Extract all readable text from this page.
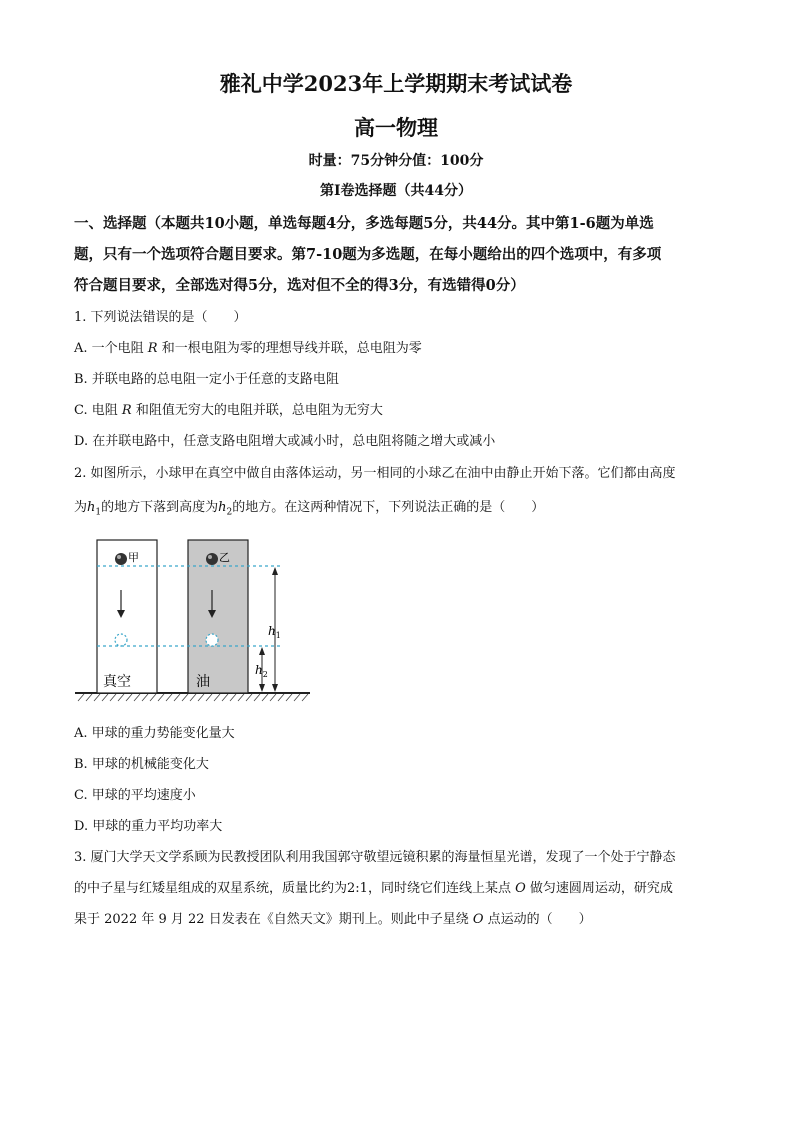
雅礼中学2023年上学期期末考试试卷
高一物理
时量：75分钟分值：100分
第Ⅰ卷选择题（共44分）
一、选择题（本题共10小题，单选每题4分，多选每题5分，共44分。其中第1-6题为单选
题，只有一个选项符合题目要求。第7-10题为多选题，在每小题给出的四个选项中，有多项
符合题目要求，全部选对得5分，选对但不全的得3分，有选错得0分）
1. 下列说法错误的是（　　）
A. 一个电阻 R 和一根电阻为零的理想导线并联，总电阻为零
B. 并联电路的总电阻一定小于任意的支路电阻
C. 电阻 R 和阻值无穷大的电阻并联，总电阻为无穷大
D. 在并联电路中，任意支路电阻增大或减小时，总电阻将随之增大或减小
2. 如图所示，小球甲在真空中做自由落体运动，另一相同的小球乙在油中由静止开始下落。它们都由高度
为$h_1$的地方下落到高度为$h_2$的地方。在这两种情况下，下列说法正确的是（　　）
甲
真空
乙
油
$h_1$
$h_2$
A. 甲球的重力势能变化量大
B. 甲球的机械能变化大
C. 甲球的平均速度小
D. 甲球的重力平均功率大
3. 厦门大学天文学系顾为民教授团队利用我国郭守敬望远镜积累的海量恒星光谱，发现了一个处于宁静态
的中子星与红矮星组成的双星系统，质量比约为2:1，同时绕它们连线上某点 O 做匀速圆周运动，研究成
果于 2022 年 9 月 22 日发表在《自然天文》期刊上。则此中子星绕 O 点运动的（　　）
